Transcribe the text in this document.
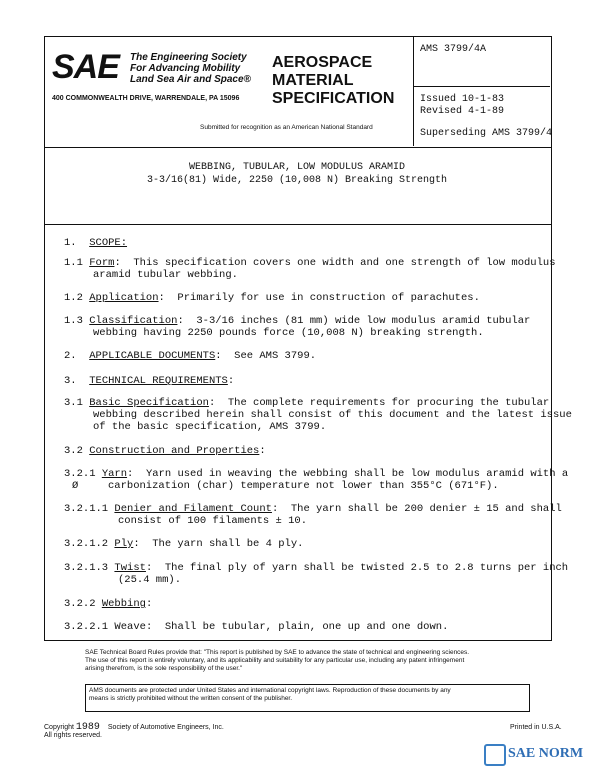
SAE The Engineering Society
For Advancing Mobility
Land Sea Air and Space®
400 COMMONWEALTH DRIVE, WARRENDALE, PA 15096
AEROSPACE
MATERIAL
SPECIFICATION
Submitted for recognition as an American National Standard
AMS 3799/4A
Issued 10-1-83
Revised 4-1-89
Superseding AMS 3799/4
WEBBING, TUBULAR, LOW MODULUS ARAMID
3-3/16(81) Wide, 2250 (10,008 N) Breaking Strength
1. SCOPE:
1.1 Form:  This specification covers one width and one strength of low modulus
aramid tubular webbing.
1.2 Application:  Primarily for use in construction of parachutes.
1.3 Classification:  3-3/16 inches (81 mm) wide low modulus aramid tubular
webbing having 2250 pounds force (10,008 N) breaking strength.
2. APPLICABLE DOCUMENTS:  See AMS 3799.
3. TECHNICAL REQUIREMENTS:
3.1 Basic Specification:  The complete requirements for procuring the tubular
webbing described herein shall consist of this document and the latest issue
of the basic specification, AMS 3799.
3.2 Construction and Properties:
3.2.1 Yarn:  Yarn used in weaving the webbing shall be low modulus aramid with a
Ø	carbonization (char) temperature not lower than 355°C (671°F).
3.2.1.1 Denier and Filament Count:  The yarn shall be 200 denier ± 15 and shall
consist of 100 filaments ± 10.
3.2.1.2 Ply:  The yarn shall be 4 ply.
3.2.1.3 Twist:  The final ply of yarn shall be twisted 2.5 to 2.8 turns per inch
(25.4 mm).
3.2.2 Webbing:
3.2.2.1 Weave:  Shall be tubular, plain, one up and one down.
SAE Technical Board Rules provide that: "This report is published by SAE to advance the state of technical and engineering sciences.
The use of this report is entirely voluntary, and its applicability and suitability for any particular use, including any patent infringement
arising therefrom, is the sole responsibility of the user."
AMS documents are protected under United States and international copyright laws. Reproduction of these documents by any
means is strictly prohibited without the written consent of the publisher.
Copyright 1989 Society of Automotive Engineers, Inc.
All rights reserved.
Printed in U.S.A.
SAE NORM
